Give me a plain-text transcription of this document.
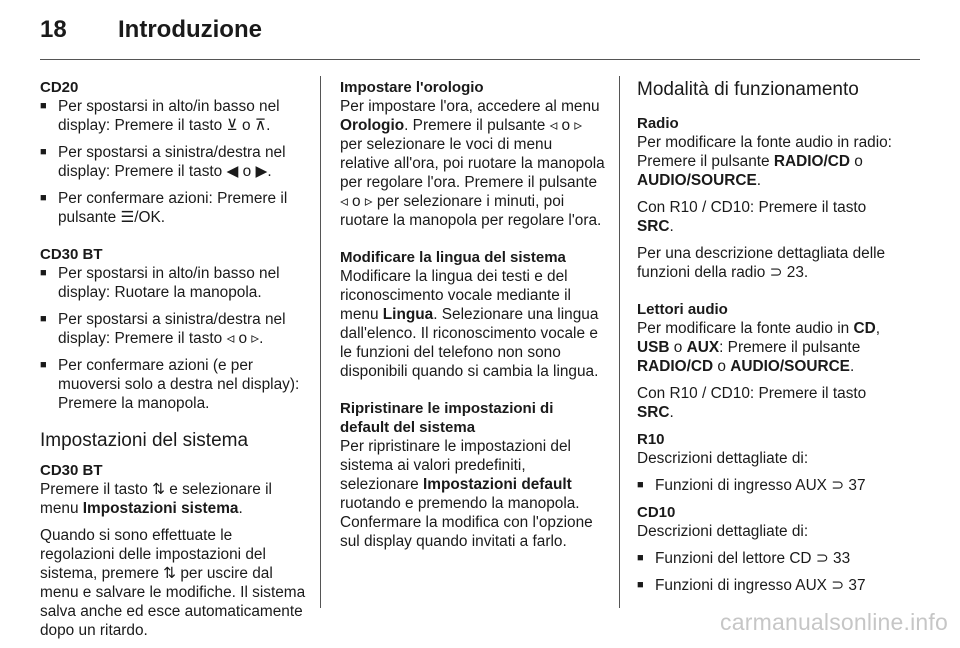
18 Introduzione
CD20
■ Per spostarsi in alto/in basso nel display: Premere il tasto ⊻ o ⊼.
■ Per spostarsi a sinistra/destra nel display: Premere il tasto ◀ o ▶.
■ Per confermare azioni: Premere il pulsante ☰/OK.
CD30 BT
■ Per spostarsi in alto/in basso nel display: Ruotare la manopola.
■ Per spostarsi a sinistra/destra nel display: Premere il tasto ◃ o ▹.
■ Per confermare azioni (e per muoversi solo a destra nel display): Premere la manopola.
Impostazioni del sistema
CD30 BT

Premere il tasto ⇅ e selezionare il menu Impostazioni sistema.

Quando si sono effettuate le regolazioni delle impostazioni del sistema, premere ⇅ per uscire dal menu e salvare le modifiche. Il sistema salva anche ed esce automaticamente dopo un ritardo.

Impostare l'orologio

Per impostare l'ora, accedere al menu Orologio. Premere il pulsante ◃ o ▹ per selezionare le voci di menu relative all'ora, poi ruotare la manopola per regolare l'ora. Premere il pulsante ◃ o ▹ per selezionare i minuti, poi ruotare la manopola per regolare l'ora.

Modificare la lingua del sistema

Modificare la lingua dei testi e del riconoscimento vocale mediante il menu Lingua. Selezionare una lingua dall'elenco. Il riconoscimento vocale e le funzioni del telefono non sono disponibili quando si cambia la lingua.

Ripristinare le impostazioni di default del sistema

Per ripristinare le impostazioni del sistema ai valori predefiniti, selezionare Impostazioni default ruotando e premendo la manopola. Confermare la modifica con l'opzione sul display quando invitati a farlo.

Modalità di funzionamento
Radio

Per modificare la fonte audio in radio: Premere il pulsante RADIO/CD o AUDIO/SOURCE.

Con R10 / CD10: Premere il tasto SRC.

Per una descrizione dettagliata delle funzioni della radio ⊃ 23.

Lettori audio

Per modificare la fonte audio in CD, USB o AUX: Premere il pulsante RADIO/CD o AUDIO/SOURCE.

Con R10 / CD10: Premere il tasto SRC.

R10

Descrizioni dettagliate di:

■ Funzioni di ingresso AUX ⊃ 37
CD10

Descrizioni dettagliate di:

■ Funzioni del lettore CD ⊃ 33
■ Funzioni di ingresso AUX ⊃ 37
carmanualsonline.info
